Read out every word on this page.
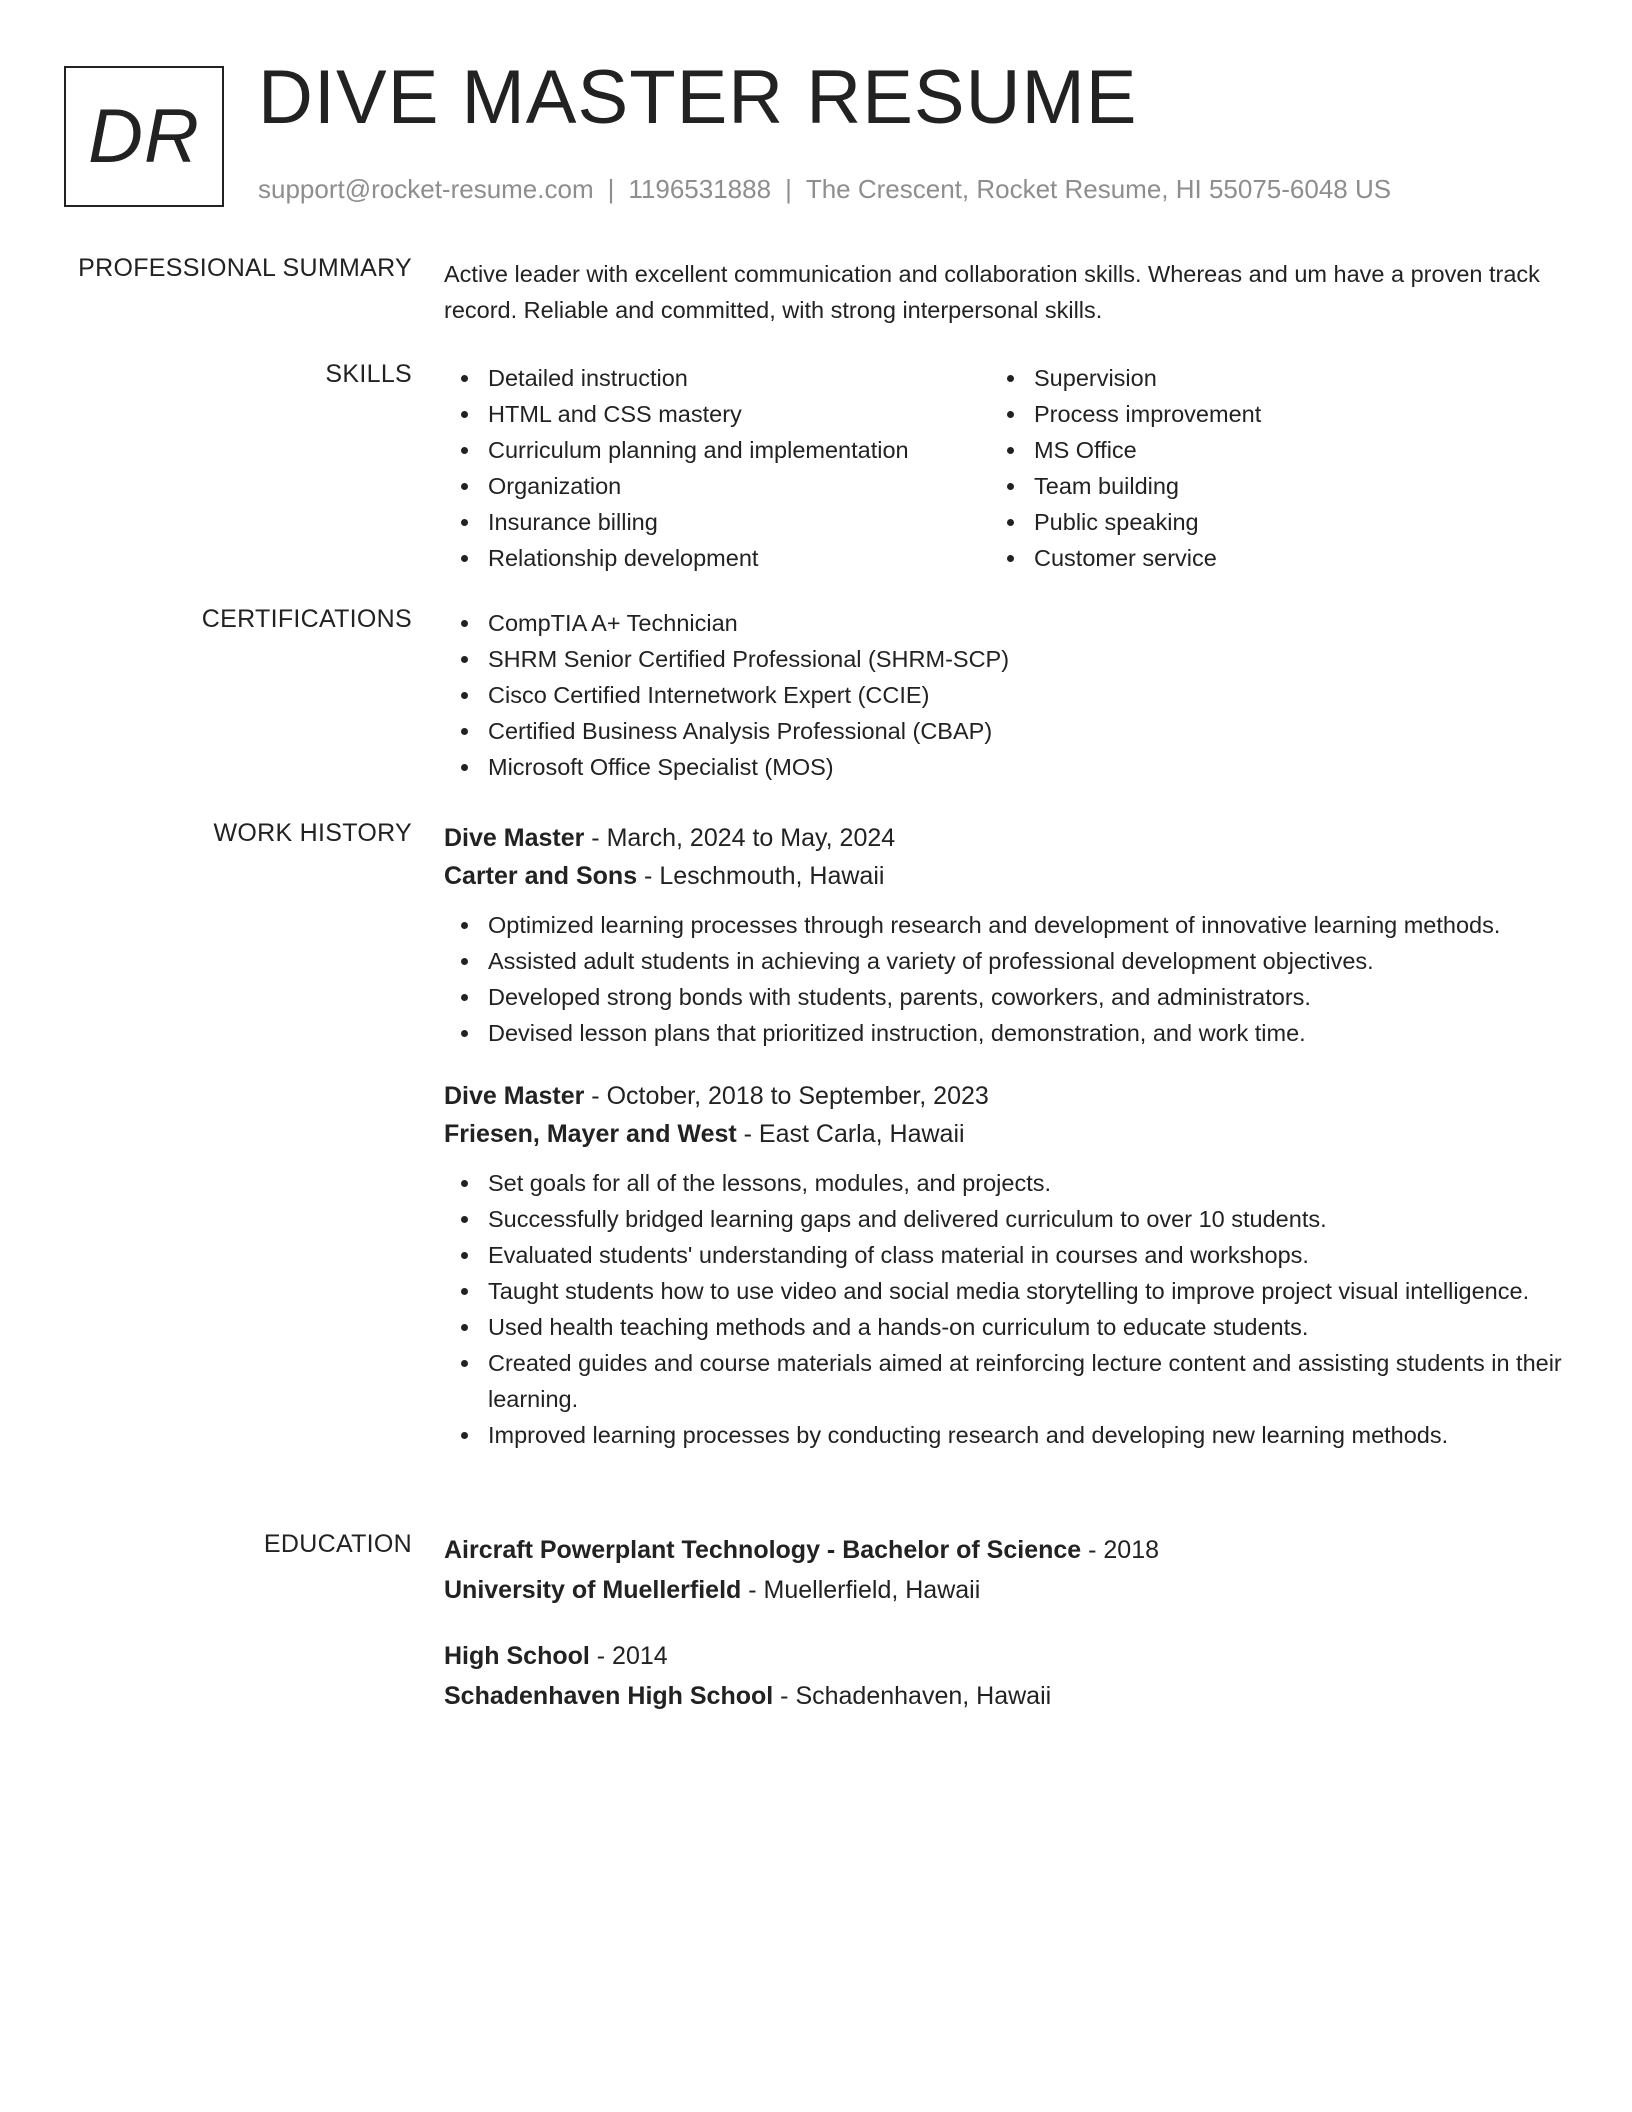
DR DIVE MASTER RESUME
support@rocket-resume.com | 1196531888 | The Crescent, Rocket Resume, HI 55075-6048 US
PROFESSIONAL SUMMARY Active leader with excellent communication and collaboration skills. Whereas and um have a proven track record. Reliable and committed, with strong interpersonal skills.
SKILLS	Detailed instruction
HTML and CSS mastery
Curriculum planning and implementation
Organization
Insurance billing
Relationship development
Supervision
Process improvement
MS Office
Team building
Public speaking
Customer service
CERTIFICATIONS	CompTIA A+ Technician
SHRM Senior Certified Professional (SHRM-SCP)
Cisco Certified Internetwork Expert (CCIE)
Certified Business Analysis Professional (CBAP)
Microsoft Office Specialist (MOS)
WORK HISTORY Dive Master - March, 2024 to May, 2024
Carter and Sons - Leschmouth, Hawaii
Optimized learning processes through research and development of innovative learning methods.
Assisted adult students in achieving a variety of professional development objectives.
Developed strong bonds with students, parents, coworkers, and administrators.
Devised lesson plans that prioritized instruction, demonstration, and work time.
Dive Master - October, 2018 to September, 2023
Friesen, Mayer and West - East Carla, Hawaii
Set goals for all of the lessons, modules, and projects.
Successfully bridged learning gaps and delivered curriculum to over 10 students.
Evaluated students' understanding of class material in courses and workshops.
Taught students how to use video and social media storytelling to improve project visual intelligence.
Used health teaching methods and a hands-on curriculum to educate students.
Created guides and course materials aimed at reinforcing lecture content and assisting students in their learning.
Improved learning processes by conducting research and developing new learning methods.
EDUCATION Aircraft Powerplant Technology - Bachelor of Science - 2018
University of Muellerfield - Muellerfield, Hawaii
High School - 2014
Schadenhaven High School - Schadenhaven, Hawaii
